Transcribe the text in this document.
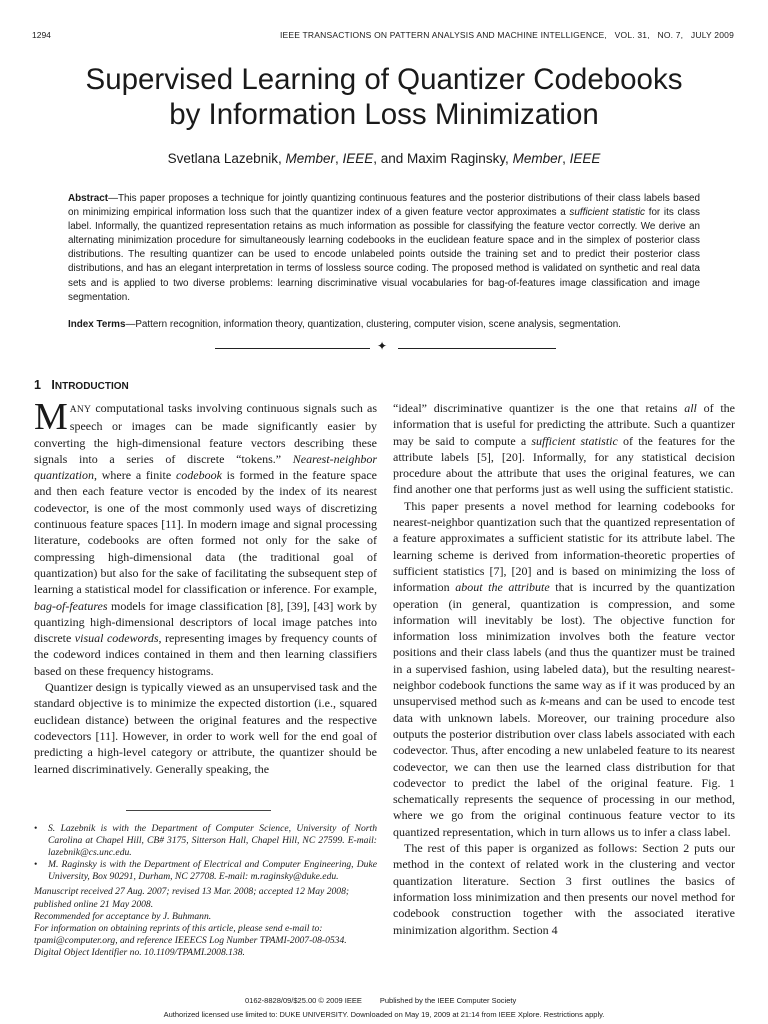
1294	IEEE TRANSACTIONS ON PATTERN ANALYSIS AND MACHINE INTELLIGENCE,   VOL. 31,   NO. 7,   JULY 2009
Supervised Learning of Quantizer Codebooks
by Information Loss Minimization
Svetlana Lazebnik, Member, IEEE, and Maxim Raginsky, Member, IEEE

Abstract—This paper proposes a technique for jointly quantizing continuous features and the posterior distributions of their class labels based on minimizing empirical information loss such that the quantizer index of a given feature vector approximates a sufficient statistic for its class label. Informally, the quantized representation retains as much information as possible for classifying the feature vector correctly. We derive an alternating minimization procedure for simultaneously learning codebooks in the euclidean feature space and in the simplex of posterior class distributions. The resulting quantizer can be used to encode unlabeled points outside the training set and to predict their posterior class distributions, and has an elegant interpretation in terms of lossless source coding. The proposed method is validated on synthetic and real data sets and is applied to two diverse problems: learning discriminative visual vocabularies for bag-of-features image classification and image segmentation.

Index Terms—Pattern recognition, information theory, quantization, clustering, computer vision, scene analysis, segmentation.

✦
1 INTRODUCTION

MANY computational tasks involving continuous signals such as speech or images can be made significantly easier by converting the high-dimensional feature vectors describing these signals into a series of discrete “tokens.” Nearest-neighbor quantization, where a finite codebook is formed in the feature space and then each feature vector is encoded by the index of its nearest codevector, is one of the most commonly used ways of discretizing continuous feature spaces [11]. In modern image and signal processing literature, codebooks are often formed not only for the sake of compressing high-dimensional data (the traditional goal of quantization) but also for the sake of facilitating the subsequent step of learning a statistical model for classification or inference. For example, bag-of-features models for image classification [8], [39], [43] work by quantizing high-dimensional descriptors of local image patches into discrete visual codewords, representing images by frequency counts of the codeword indices contained in them and then learning classifiers based on these frequency histograms.

Quantizer design is typically viewed as an unsupervised task and the standard objective is to minimize the expected distortion (i.e., squared euclidean distance) between the original features and the respective codevectors [11]. However, in order to work well for the end goal of predicting a high-level category or attribute, the quantizer should be learned discriminatively. Generally speaking, the

• S. Lazebnik is with the Department of Computer Science, University of North Carolina at Chapel Hill, CB# 3175, Sitterson Hall, Chapel Hill, NC 27599. E-mail: lazebnik@cs.unc.edu.
• M. Raginsky is with the Department of Electrical and Computer Engineering, Duke University, Box 90291, Durham, NC 27708. E-mail: m.raginsky@duke.edu.
Manuscript received 27 Aug. 2007; revised 13 Mar. 2008; accepted 12 May 2008; published online 21 May 2008.
Recommended for acceptance by J. Buhmann.
For information on obtaining reprints of this article, please send e-mail to: tpami@computer.org, and reference IEEECS Log Number TPAMI-2007-08-0534.
Digital Object Identifier no. 10.1109/TPAMI.2008.138.

“ideal” discriminative quantizer is the one that retains all of the information that is useful for predicting the attribute. Such a quantizer may be said to compute a sufficient statistic of the features for the attribute labels [5], [20]. Informally, for any statistical decision procedure about the attribute that uses the original features, we can find another one that performs just as well using the sufficient statistic.

This paper presents a novel method for learning codebooks for nearest-neighbor quantization such that the quantized representation of a feature approximates a sufficient statistic for its attribute label. The learning scheme is derived from information-theoretic properties of sufficient statistics [7], [20] and is based on minimizing the loss of information about the attribute that is incurred by the quantization operation (in general, quantization is compression, and some information will inevitably be lost). The objective function for information loss minimization involves both the feature vector positions and their class labels (and thus the quantizer must be trained in a supervised fashion, using labeled data), but the resulting nearest-neighbor codebook functions the same way as if it was produced by an unsupervised method such as k-means and can be used to encode test data with unknown labels. Moreover, our training procedure also outputs the posterior distribution over class labels associated with each codevector. Thus, after encoding a new unlabeled feature to its nearest codevector, we can then use the learned class distribution for that codevector to predict the label of the original feature. Fig. 1 schematically represents the sequence of processing in our method, where we go from the original continuous feature vector to its quantized representation, which in turn allows us to infer a class label.

The rest of this paper is organized as follows: Section 2 puts our method in the context of related work in the clustering and vector quantization literature. Section 3 first outlines the basics of information loss minimization and then presents our novel method for codebook construction together with the associated iterative minimization algorithm. Section 4

0162-8828/09/$25.00 © 2009 IEEE Published by the IEEE Computer Society
Authorized licensed use limited to: DUKE UNIVERSITY. Downloaded on May 19, 2009 at 21:14 from IEEE Xplore. Restrictions apply.
